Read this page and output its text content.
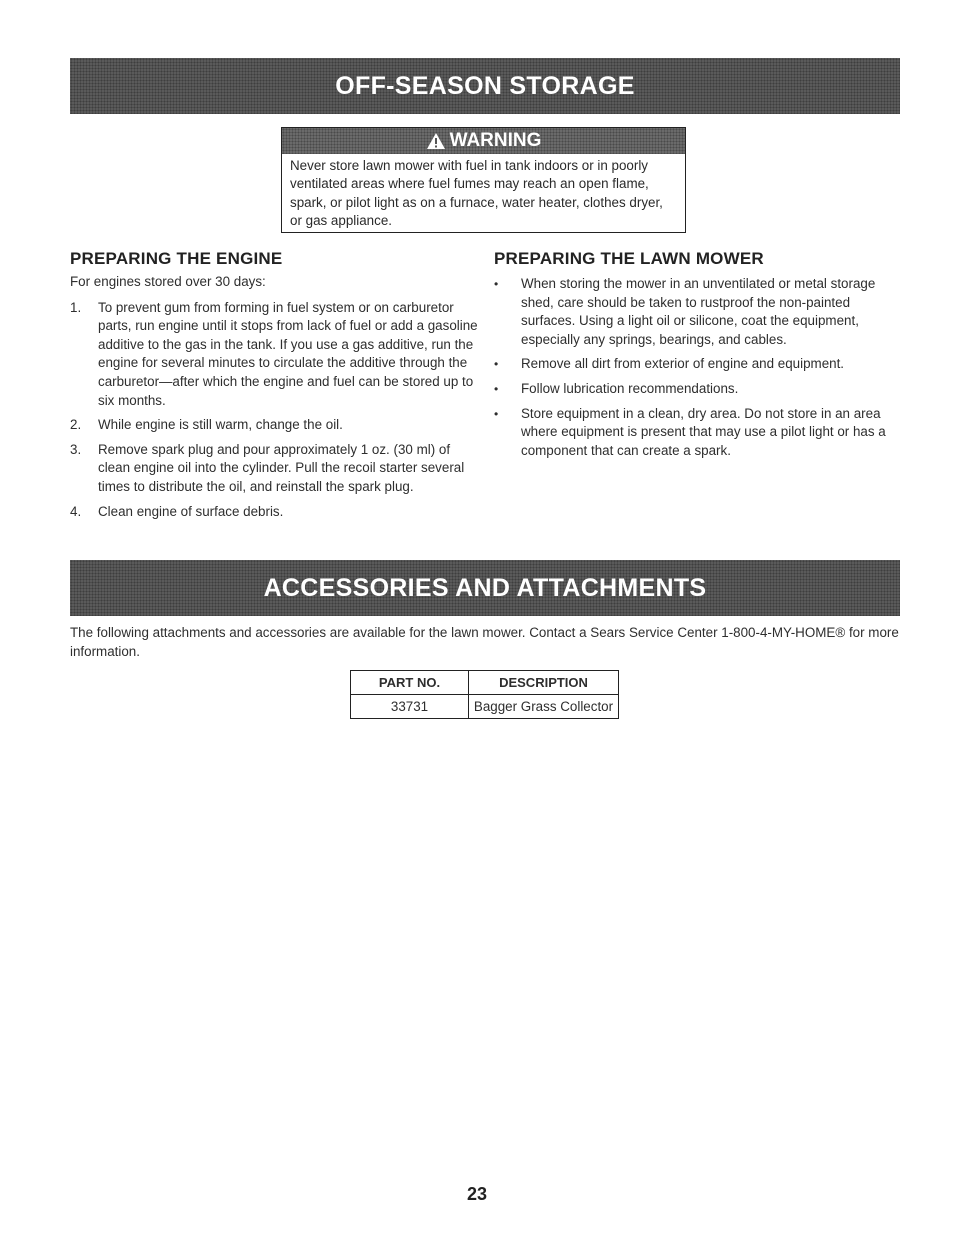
OFF-SEASON STORAGE
WARNING
Never store lawn mower with fuel in tank indoors or in poorly ventilated areas where fuel fumes may reach an open flame, spark, or pilot light as on a furnace, water heater, clothes dryer, or gas appliance.
PREPARING THE ENGINE	PREPARING THE LAWN MOWER

For engines stored over 30 days:

1. To prevent gum from forming in fuel system or on carburetor parts, run engine until it stops from lack of fuel or add a gasoline additive to the gas in the tank. If you use a gas additive, run the engine for several minutes to circulate the additive through the carburetor—after which the engine and fuel can be stored up to six months.
2. While engine is still warm, change the oil.
3. Remove spark plug and pour approximately 1 oz. (30 ml) of clean engine oil into the cylinder. Pull the recoil starter several times to distribute the oil, and reinstall the spark plug.
4. Clean engine of surface debris.
• When storing the mower in an unventilated or metal storage shed, care should be taken to rustproof the non-painted surfaces. Using a light oil or silicone, coat the equipment, especially any springs, bearings, and cables.
• Remove all dirt from exterior of engine and equipment.
• Follow lubrication recommendations.
• Store equipment in a clean, dry area. Do not store in an area where equipment is present that may use a pilot light or has a component that can create a spark.
ACCESSORIES AND ATTACHMENTS

The following attachments and accessories are available for the lawn mower. Contact a Sears Service Center 1-800-4-MY-HOME® for more information.

PART NO.	DESCRIPTION
33731	Bagger Grass Collector
23
